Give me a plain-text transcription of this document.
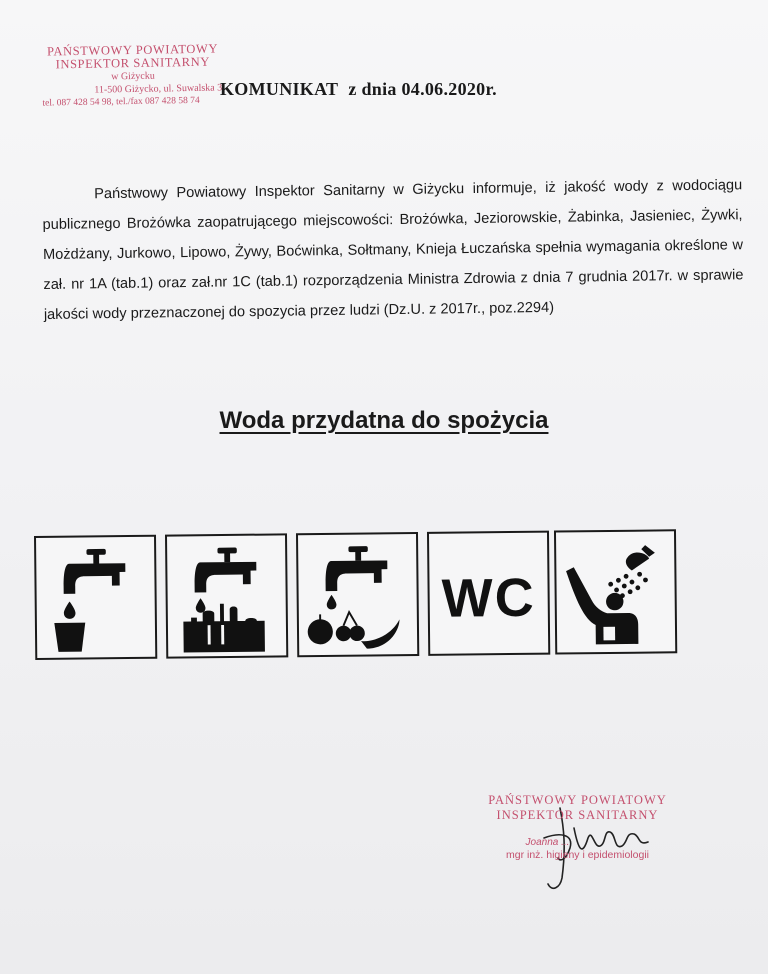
PAŃSTWOWY POWIATOWY
INSPEKTOR SANITARNY
w Giżycku
11-500 Giżycko, ul. Suwalska 3
tel. 087 428 54 98, tel./fax 087 428 58 74
KOMUNIKAT z dnia 04.06.2020r.

Państwowy Powiatowy Inspektor Sanitarny w Giżycku informuje, iż jakość wody z wodociągu publicznego Brożówka zaopatrującego miejscowości: Brożówka, Jeziorowskie, Żabinka, Jasieniec, Żywki, Możdżany, Jurkowo, Lipowo, Żywy, Boćwinka, Sołtmany, Knieja Łuczańska spełnia wymagania określone w zał. nr 1A (tab.1) oraz zał.nr 1C (tab.1) rozporządzenia Ministra Zdrowia z dnia 7 grudnia 2017r. w sprawie jakości wody przeznaczonej do spozycia przez ludzi (Dz.U. z 2017r., poz.2294)

Woda przydatna do spożycia
WC
PAŃSTWOWY POWIATOWY
INSPEKTOR SANITARNY
Joanna ...
mgr inż. higieny i epidemiologii
